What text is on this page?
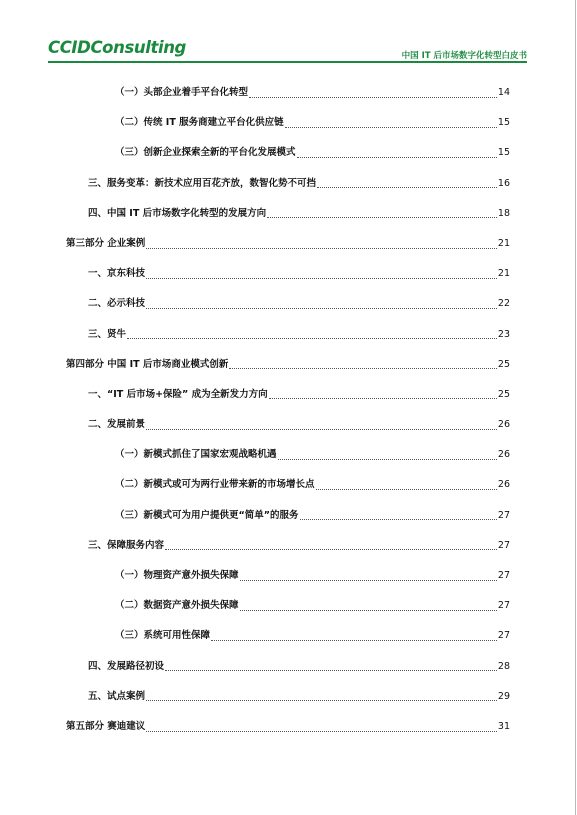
CCIDConsulting	中国 IT 后市场数字化转型白皮书
（一）头部企业着手平台化转型	14
（二）传统 IT 服务商建立平台化供应链	15
（三）创新企业探索全新的平台化发展模式	15
三、服务变革：新技术应用百花齐放，数智化势不可挡	16
四、中国 IT 后市场数字化转型的发展方向	18
第三部分 企业案例	21
一、京东科技	21
二、必示科技	22
三、贤牛	23
第四部分 中国 IT 后市场商业模式创新	25
一、“IT 后市场+保险” 成为全新发力方向	25
二、发展前景	26
（一）新模式抓住了国家宏观战略机遇	26
（二）新模式或可为两行业带来新的市场增长点	26
（三）新模式可为用户提供更“简单”的服务	27
三、保障服务内容	27
（一）物理资产意外损失保障	27
（二）数据资产意外损失保障	27
（三）系统可用性保障	27
四、发展路径初设	28
五、试点案例	29
第五部分 赛迪建议	31
